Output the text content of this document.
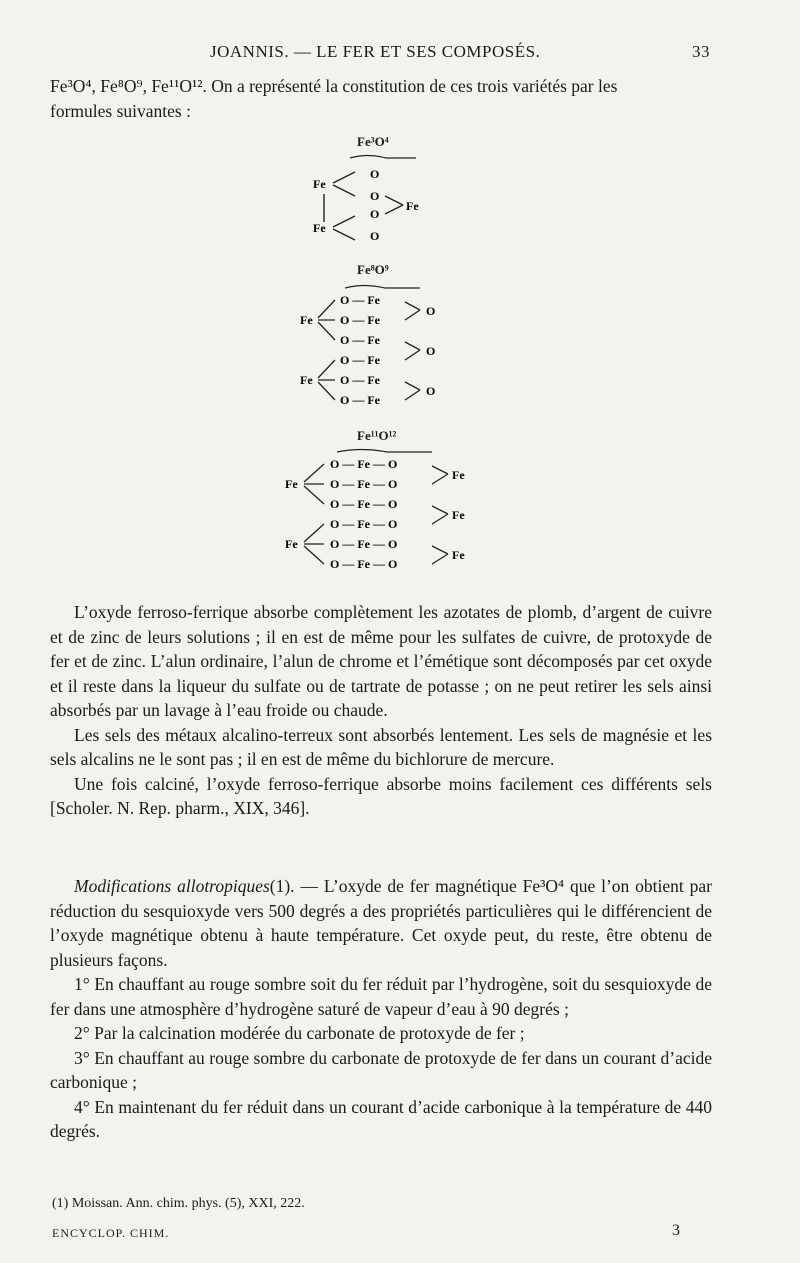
JOANNIS. — LE FER ET SES COMPOSÉS.	33

Fe³O⁴, Fe⁸O⁹, Fe¹¹O¹². On a représenté la constitution de ces trois variétés par les

formules suivantes :

Fe³O⁴
Fe
O
O
O
O
Fe
Fe
Fe⁸O⁹
Fe
O — Fe
O — Fe
O — Fe
O — Fe
O — Fe
O — Fe
O
O
O
Fe
Fe¹¹O¹²
Fe
O — Fe — O
O — Fe — O
O — Fe — O
O — Fe — O
O — Fe — O
O — Fe — O
Fe
Fe
Fe
Fe

L’oxyde ferroso-ferrique absorbe complètement les azotates de plomb, d’argent de cuivre et de zinc de leurs solutions ; il en est de même pour les sulfates de cuivre, de protoxyde de fer et de zinc. L’alun ordinaire, l’alun de chrome et l’émétique sont décomposés par cet oxyde et il reste dans la liqueur du sulfate ou de tartrate de potasse ; on ne peut retirer les sels ainsi absorbés par un lavage à l’eau froide ou chaude.

Les sels des métaux alcalino-terreux sont absorbés lentement. Les sels de magnésie et les sels alcalins ne le sont pas ; il en est de même du bichlorure de mercure.

Une fois calciné, l’oxyde ferroso-ferrique absorbe moins facilement ces différents sels [Scholer. N. Rep. pharm., XIX, 346].

Modifications allotropiques(1). — L’oxyde de fer magnétique Fe³O⁴ que l’on obtient par réduction du sesquioxyde vers 500 degrés a des propriétés particulières qui le différencient de l’oxyde magnétique obtenu à haute température. Cet oxyde peut, du reste, être obtenu de plusieurs façons.

1° En chauffant au rouge sombre soit du fer réduit par l’hydrogène, soit du sesquioxyde de fer dans une atmosphère d’hydrogène saturé de vapeur d’eau à 90 degrés ;

2° Par la calcination modérée du carbonate de protoxyde de fer ;

3° En chauffant au rouge sombre du carbonate de protoxyde de fer dans un courant d’acide carbonique ;

4° En maintenant du fer réduit dans un courant d’acide carbonique à la température de 440 degrés.

(1) Moissan. Ann. chim. phys. (5), XXI, 222.
ENCYCLOP. CHIM.	3
